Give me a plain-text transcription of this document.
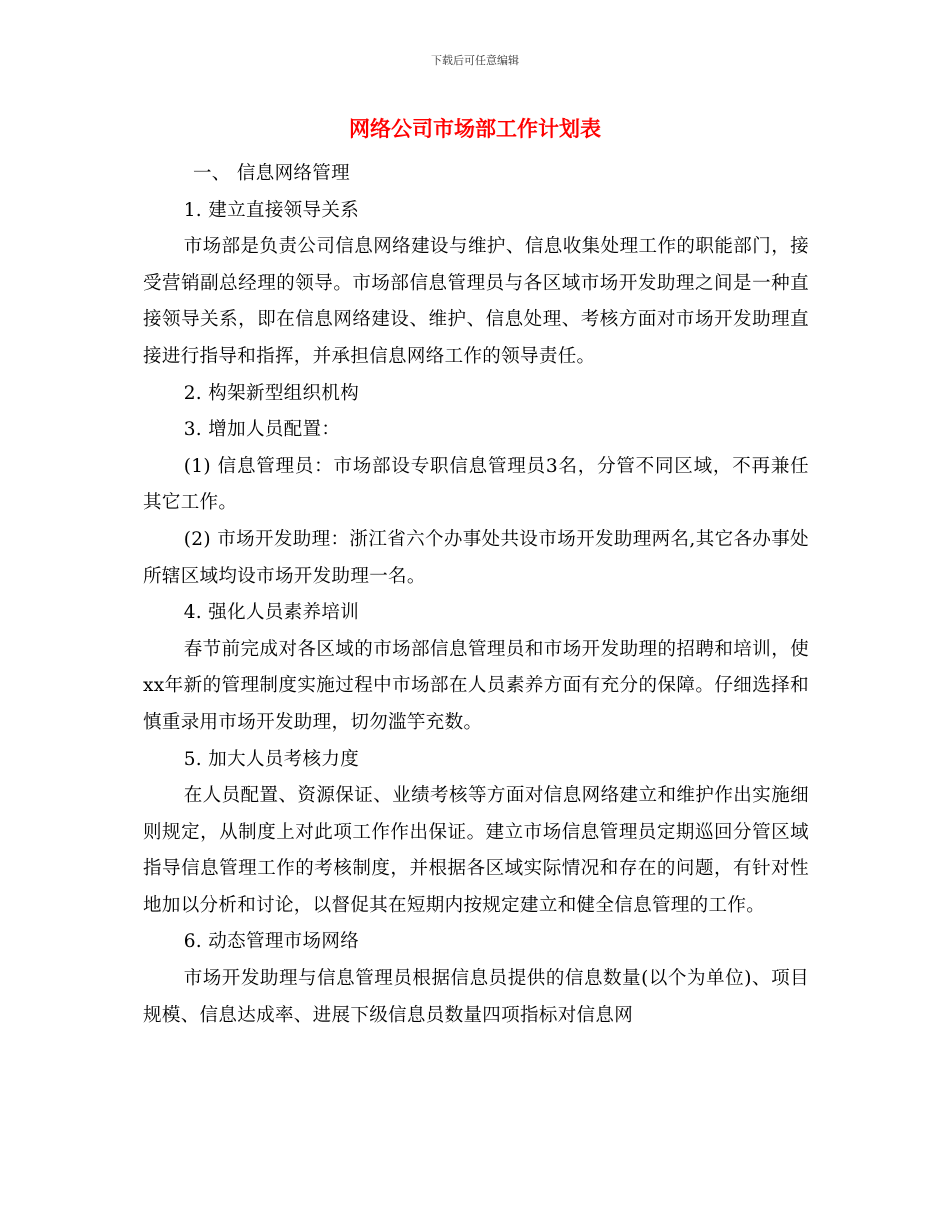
下载后可任意编辑
网络公司市场部工作计划表

一、 信息网络管理

1. 建立直接领导关系

市场部是负责公司信息网络建设与维护、信息收集处理工作的职能部门，接受营销副总经理的领导。市场部信息管理员与各区域市场开发助理之间是一种直接领导关系，即在信息网络建设、维护、信息处理、考核方面对市场开发助理直接进行指导和指挥，并承担信息网络工作的领导责任。

2. 构架新型组织机构

3. 增加人员配置：

(1) 信息管理员：市场部设专职信息管理员3名，分管不同区域，不再兼任其它工作。

(2) 市场开发助理：浙江省六个办事处共设市场开发助理两名,其它各办事处所辖区域均设市场开发助理一名。

4. 强化人员素养培训

春节前完成对各区域的市场部信息管理员和市场开发助理的招聘和培训，使xx年新的管理制度实施过程中市场部在人员素养方面有充分的保障。仔细选择和慎重录用市场开发助理，切勿滥竽充数。

5. 加大人员考核力度

在人员配置、资源保证、业绩考核等方面对信息网络建立和维护作出实施细则规定，从制度上对此项工作作出保证。建立市场信息管理员定期巡回分管区域指导信息管理工作的考核制度，并根据各区域实际情况和存在的问题，有针对性地加以分析和讨论，以督促其在短期内按规定建立和健全信息管理的工作。

6. 动态管理市场网络

市场开发助理与信息管理员根据信息员提供的信息数量(以个为单位)、项目规模、信息达成率、进展下级信息员数量四项指标对信息网
